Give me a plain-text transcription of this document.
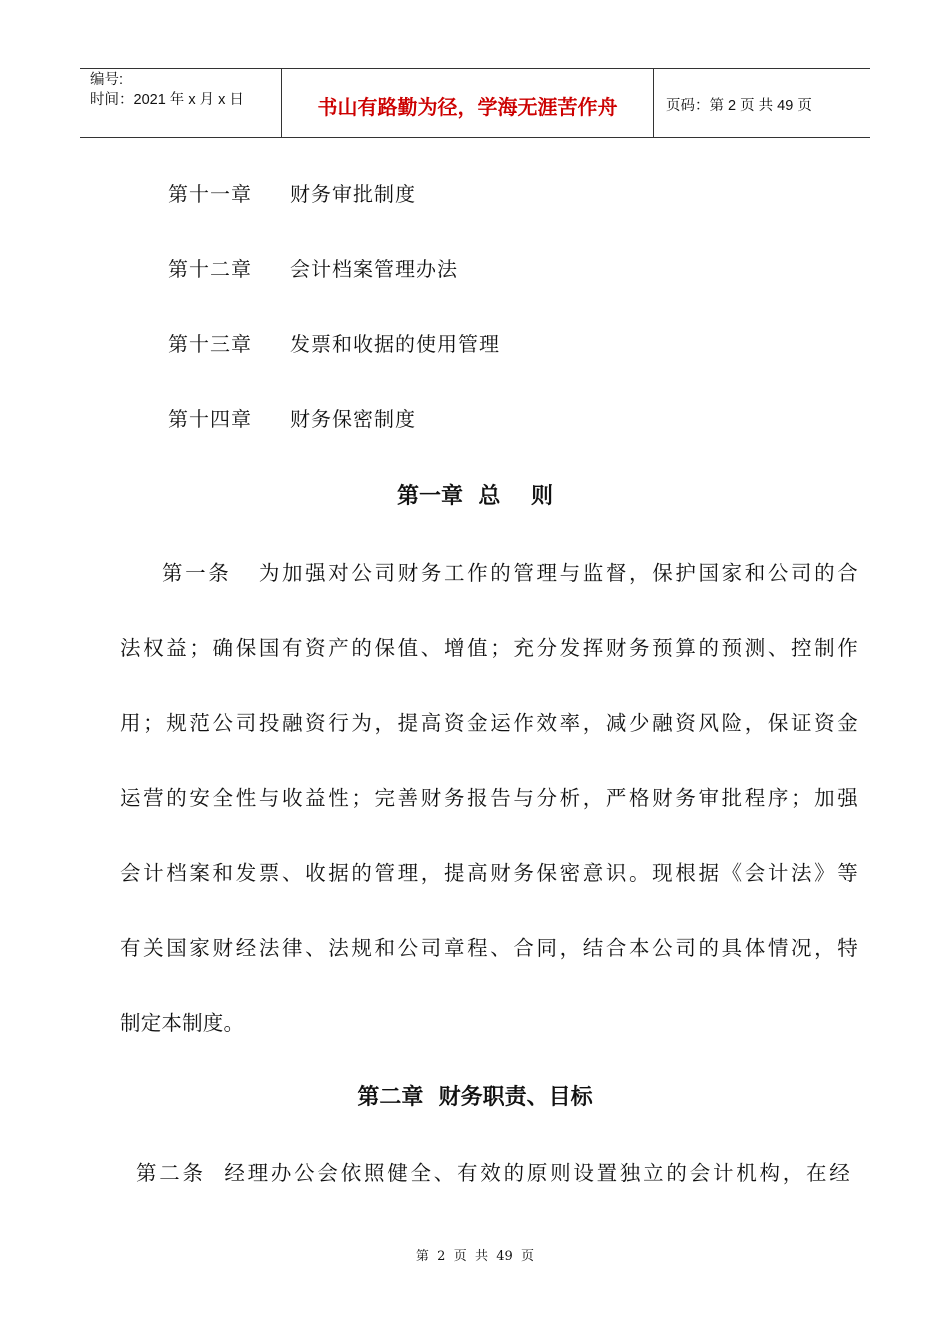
编号:
时间：2021 年 x 月 x 日	书山有路勤为径，学海无涯苦作舟	页码：第 2 页 共 49 页
第十一章 财务审批制度
第十二章 会计档案管理办法
第十三章 发票和收据的使用管理
第十四章 财务保密制度
第一章  总    则
第一条   为加强对公司财务工作的管理与监督，保护国家和公司的合
法权益；确保国有资产的保值、增值；充分发挥财务预算的预测、控制作
用；规范公司投融资行为，提高资金运作效率，减少融资风险，保证资金
运营的安全性与收益性；完善财务报告与分析，严格财务审批程序；加强
会计档案和发票、收据的管理，提高财务保密意识。现根据《会计法》等
有关国家财经法律、法规和公司章程、合同，结合本公司的具体情况，特
制定本制度。
第二章  财务职责、目标
第二条  经理办公会依照健全、有效的原则设置独立的会计机构，在经
第  2  页  共  49  页
